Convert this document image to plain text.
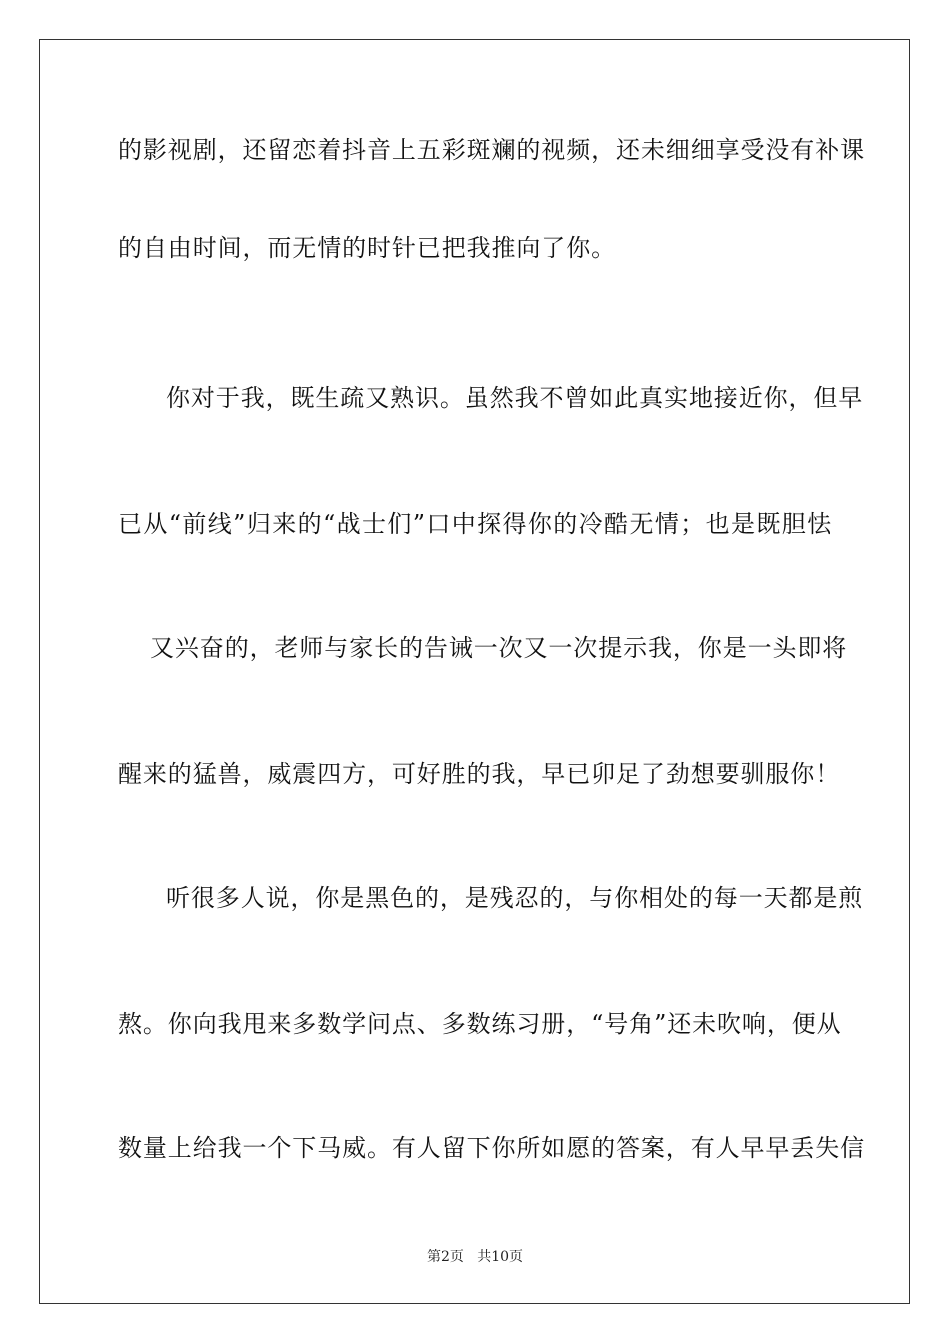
的影视剧，还留恋着抖音上五彩斑斓的视频，还未细细享受没有补课
的自由时间，而无情的时针已把我推向了你。
你对于我，既生疏又熟识。虽然我不曾如此真实地接近你，但早
已从“前线”归来的“战士们”口中探得你的冷酷无情；也是既胆怯
又兴奋的，老师与家长的告诫一次又一次提示我，你是一头即将
醒来的猛兽，威震四方，可好胜的我，早已卯足了劲想要驯服你！
听很多人说，你是黑色的，是残忍的，与你相处的每一天都是煎
熬。你向我甩来多数学问点、多数练习册，“号角”还未吹响，便从
数量上给我一个下马威。有人留下你所如愿的答案，有人早早丢失信
第2页   共10页
